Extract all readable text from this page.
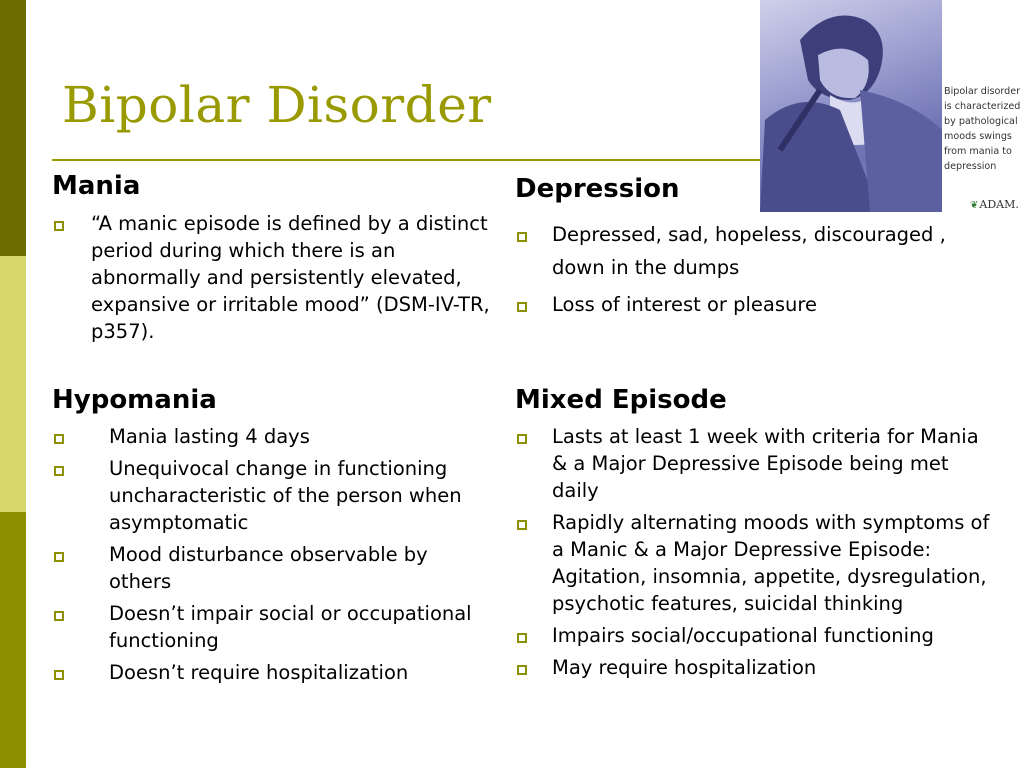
Bipolar Disorder	Bipolar disorder is characterized by pathological moods swings from mania to depression
❦ADAM.
Mania
“A manic episode is defined by a distinct period during which there is an abnormally and persistently elevated, expansive or irritable mood” (DSM-IV-TR, p357).
Hypomania
Mania lasting 4 days
Unequivocal change in functioning uncharacteristic of the person when asymptomatic
Mood disturbance observable by others
Doesn’t impair social or occupational functioning
Doesn’t require hospitalization
Depression
Depressed, sad, hopeless, discouraged , down in the dumps
Loss of interest or pleasure
Mixed Episode
Lasts at least 1 week with criteria for Mania & a Major Depressive Episode being met daily
Rapidly alternating moods with symptoms of a Manic & a Major Depressive Episode: Agitation, insomnia, appetite, dysregulation, psychotic features, suicidal thinking
Impairs social/occupational functioning
May require hospitalization
